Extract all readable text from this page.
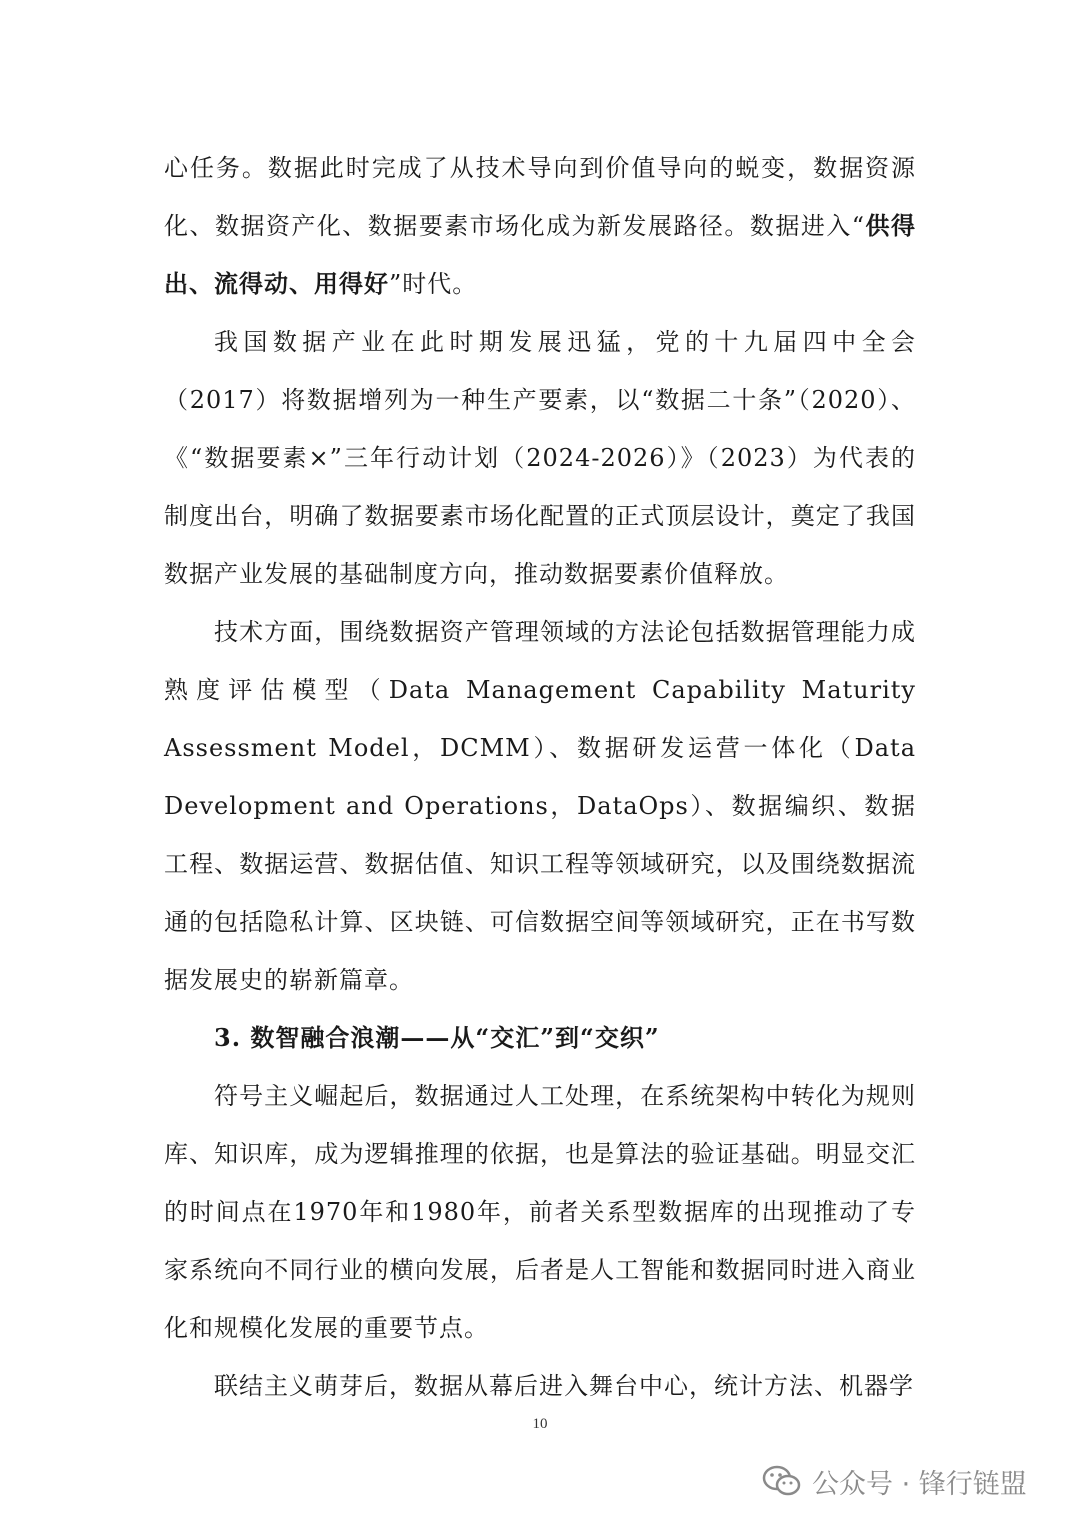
心任务。数据此时完成了从技术导向到价值导向的蜕变，数据资源化、数据资产化、数据要素市场化成为新发展路径。数据进入“供得出、流得动、用得好”时代。

我国数据产业在此时期发展迅猛，党的十九届四中全会（2017）将数据增列为一种生产要素，以“数据二十条”（2020）、《“数据要素×”三年行动计划（2024-2026）》（2023）为代表的制度出台，明确了数据要素市场化配置的正式顶层设计，奠定了我国数据产业发展的基础制度方向，推动数据要素价值释放。

技术方面，围绕数据资产管理领域的方法论包括数据管理能力成熟度评估模型（Data Management Capability Maturity Assessment Model，DCMM）、数据研发运营一体化（Data Development and Operations，DataOps）、数据编织、数据工程、数据运营、数据估值、知识工程等领域研究，以及围绕数据流通的包括隐私计算、区块链、可信数据空间等领域研究，正在书写数据发展史的崭新篇章。

3. 数智融合浪潮——从“交汇”到“交织”

符号主义崛起后，数据通过人工处理，在系统架构中转化为规则库、知识库，成为逻辑推理的依据，也是算法的验证基础。明显交汇的时间点在1970年和1980年，前者关系型数据库的出现推动了专家系统向不同行业的横向发展，后者是人工智能和数据同时进入商业化和规模化发展的重要节点。

联结主义萌芽后，数据从幕后进入舞台中心，统计方法、机器学

10
公众号 · 锋行链盟
